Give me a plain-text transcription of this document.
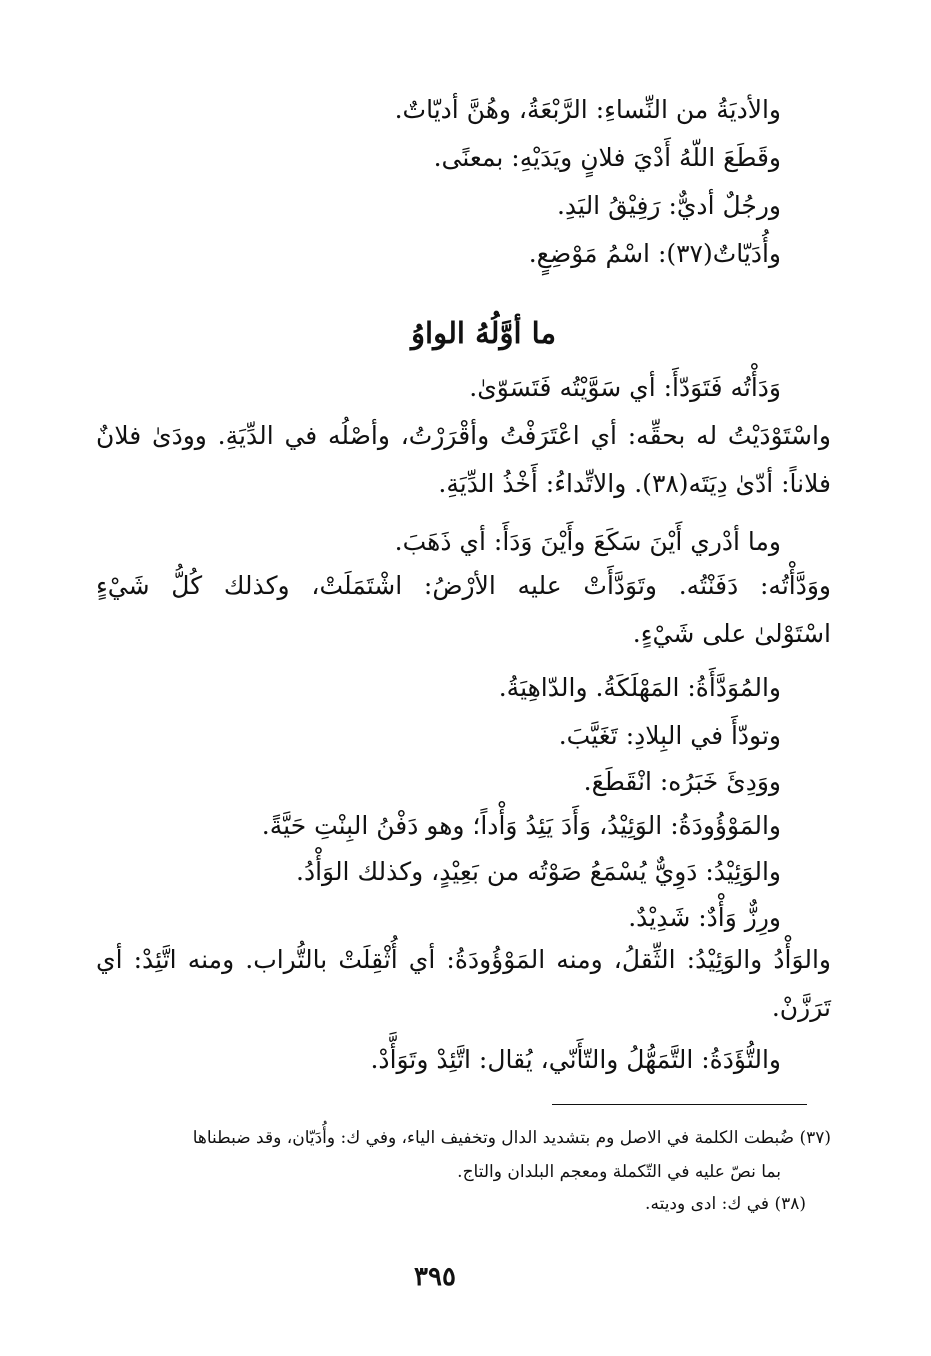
والأديَةُ من النِّساءِ: الرَّبْعَةُ، وهُنَّ أديّاتٌ.
وقَطَعَ اللّهُ أَدْيَ فلانٍ ويَدَيْهِ: بمعنًى.
ورجُلٌ أديٌّ: رَفِيْقُ اليَدِ.
وأُدَيّاتٌ(٣٧): اسْمُ مَوْضِعٍ.
ما أوَّلُهُ الواوُ
وَدَأْتُه فَتَوَدّأَ: أي سَوَّيْتُه فَتَسَوّىٰ.
واسْتَوْدَيْتُ له بحقِّه: أي اعْتَرَفْتُ وأقْرَرْتُ، وأصْلُه في الدِّيَةِ. وودَىٰ فلانٌ
فلاناً: أدّىٰ دِيَتَه(٣٨). والاتِّداءُ: أَخْذُ الدِّيَةِ.
وما أدْري أَيْنَ سَكَعَ وأَيْنَ وَدَأَ: أي ذَهَبَ.
ووَدَّأْتُه: دَفَنْتُه. وتَوَدَّأَتْ عليه الأرْضُ: اشْتَمَلَتْ، وكذلك كُلُّ شَيْءٍ
اسْتَوْلىٰ على شَيْءٍ.
والمُوَدَّأَةُ: المَهْلَكَةُ. والدّاهِيَةُ.
وتودّأَ في البِلادِ: تَغَيَّبَ.
ووَدِئَ خَبَرُه: انْقَطَعَ.
والمَوْؤُودَةُ: الوَئِيْدُ، وَأَدَ يَئِدُ وَأْداً؛ وهو دَفْنُ البِنْتِ حَيَّةً.
والوَئِيْدُ: دَوِيٌّ يُسْمَعُ صَوْتُه من بَعِيْدٍ، وكذلك الوَأْدُ.
ورِزٌّ وَأْدٌ: شَدِيْدٌ.
والوَأْدُ والوَئِيْدُ: الثِّقلُ، ومنه المَوْؤُودَةُ: أي أُثْقِلَتْ بالتُّراب. ومنه اتَّئِدْ: أي
تَرَزَّنْ.
والتُّؤَدَةُ: التَّمَهُّلُ والتّأَنّي، يُقال: اتَّئِدْ وتَوَأَّدْ.
(٣٧) ضُبطت الكلمة في الاصل وم بتشديد الدال وتخفيف الياء، وفي ك: وأُدَيّان، وقد ضبطناها
بما نصّ عليه في التّكملة ومعجم البلدان والتاج.
(٣٨) في ك: ادى وديته.
٣٩٥
